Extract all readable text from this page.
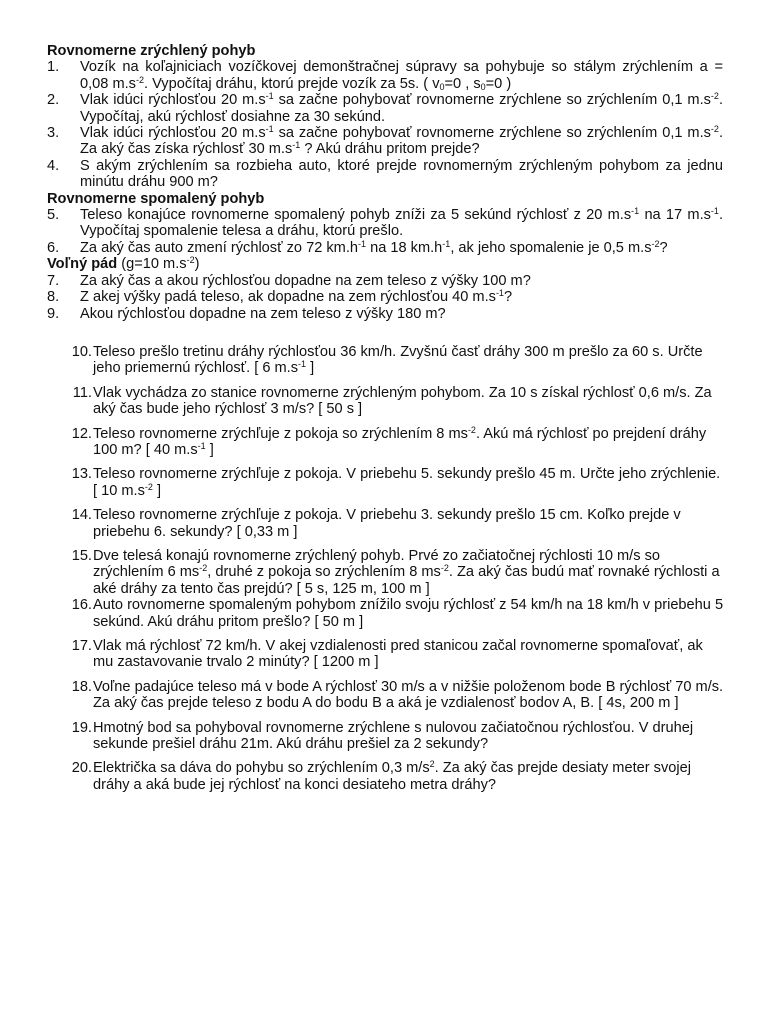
Rovnomerne zrýchlený pohyb
1.	Vozík na koľajniciach vozíčkovej demonštračnej súpravy sa pohybuje so stálym zrýchlením a = 0,08 $m.s^{-2}$. Vypočítaj dráhu, ktorú prejde vozík za 5s. ( $v_0=0$ , $s_0=0$ )
2.	Vlak idúci rýchlosťou 20 $m.s^{-1}$ sa začne pohybovať rovnomerne zrýchlene so zrýchlením 0,1 $m.s^{-2}$. Vypočítaj, akú rýchlosť dosiahne za 30 sekúnd.
3.	Vlak idúci rýchlosťou 20 $m.s^{-1}$ sa začne pohybovať rovnomerne zrýchlene so zrýchlením 0,1 $m.s^{-2}$. Za aký čas získa rýchlosť 30 $m.s^{-1}$ ? Akú dráhu pritom prejde?
4.	S akým zrýchlením sa rozbieha auto, ktoré prejde rovnomerným zrýchleným pohybom za jednu minútu dráhu 900 m?
Rovnomerne spomalený pohyb
5.	Teleso konajúce rovnomerne spomalený pohyb zníži za 5 sekúnd rýchlosť z 20 $m.s^{-1}$ na 17 $m.s^{-1}$. Vypočítaj spomalenie telesa a dráhu, ktorú prešlo.
6.	Za aký čas auto zmení rýchlosť zo 72 $km.h^{-1}$ na 18 $km.h^{-1}$, ak jeho spomalenie je 0,5 $m.s^{-2}$?
Voľný pád (g=10 $m.s^{-2}$)
7.	Za aký čas a akou rýchlosťou dopadne na zem teleso z výšky 100 m?
8.	Z akej výšky padá teleso, ak dopadne na zem rýchlosťou 40 $m.s^{-1}$?
9.	Akou rýchlosťou dopadne na zem teleso z výšky 180 m?
10. Teleso prešlo tretinu dráhy rýchlosťou 36 km/h. Zvyšnú časť dráhy 300 m prešlo za 60 s. Určte jeho priemernú rýchlosť. [ 6 $m.s^{-1}$ ]
11. Vlak vychádza zo stanice rovnomerne zrýchleným pohybom. Za 10 s získal rýchlosť 0,6 m/s. Za aký čas bude jeho rýchlosť 3 m/s? [ 50 s ]
12. Teleso rovnomerne zrýchľuje z pokoja so zrýchlením 8 $ms^{-2}$. Akú má rýchlosť po prejdení dráhy 100 m? [ 40 $m.s^{-1}$ ]
13. Teleso rovnomerne zrýchľuje z pokoja. V priebehu 5. sekundy prešlo 45 m. Určte jeho zrýchlenie. [ 10 $m.s^{-2}$ ]
14. Teleso rovnomerne zrýchľuje z pokoja. V priebehu 3. sekundy prešlo 15 cm. Koľko prejde v priebehu 6. sekundy? [ 0,33 m ]
15. Dve telesá konajú rovnomerne zrýchlený pohyb. Prvé zo začiatočnej rýchlosti 10 m/s so zrýchlením 6 $ms^{-2}$, druhé z pokoja so zrýchlením 8 $ms^{-2}$. Za aký čas budú mať rovnaké rýchlosti a aké dráhy za tento čas prejdú? [ 5 s, 125 m, 100 m ]
16. Auto rovnomerne spomaleným pohybom znížilo svoju rýchlosť z 54 km/h na 18 km/h v priebehu 5 sekúnd. Akú dráhu pritom prešlo? [ 50 m ]
17. Vlak má rýchlosť 72 km/h. V akej vzdialenosti pred stanicou začal rovnomerne spomaľovať, ak mu zastavovanie trvalo 2 minúty? [ 1200 m ]
18. Voľne padajúce teleso má v bode A rýchlosť 30 m/s a v nižšie položenom bode B rýchlosť 70 m/s. Za aký čas prejde teleso z bodu A do bodu B a aká je vzdialenosť bodov A, B. [ 4s, 200 m ]
19. Hmotný bod sa pohyboval rovnomerne zrýchlene s nulovou začiatočnou rýchlosťou. V druhej sekunde prešiel dráhu 21m. Akú dráhu prešiel za 2 sekundy?
20. Električka sa dáva do pohybu so zrýchlením 0,3 $m/s^2$. Za aký čas prejde desiaty meter svojej dráhy a aká bude jej rýchlosť na konci desiateho metra dráhy?
